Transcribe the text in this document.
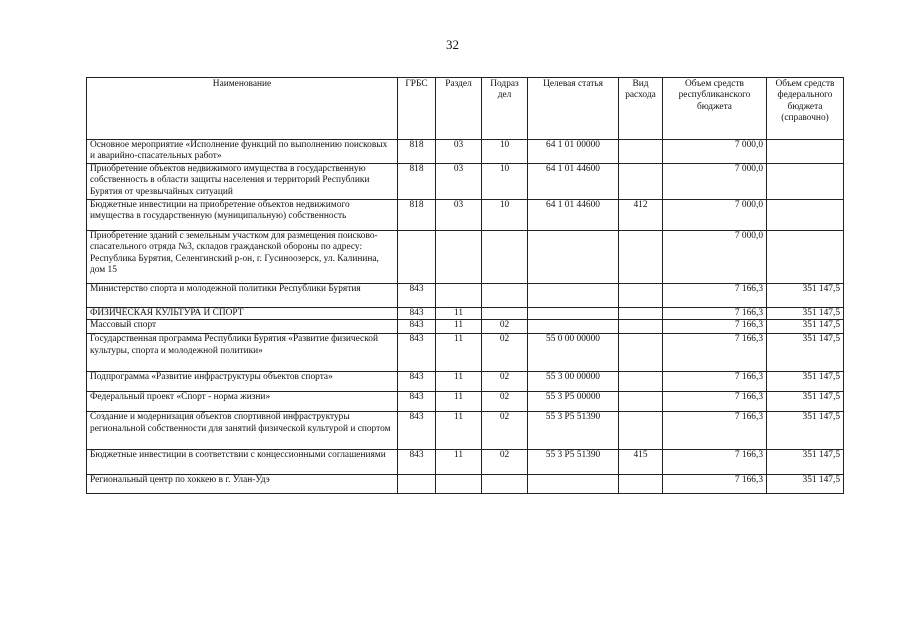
32
Наименование	ГРБС	Раздел	Подраз дел	Целевая статья	Вид расхода	Объем средств республиканского бюджета	Объем средств федерального бюджета (справочно)
Основное мероприятие «Исполнение функций по выполнению поисковых и аварийно-спасательных работ»	818	03	10	64 1 01 00000		7 000,0	
Приобретение объектов недвижимого имущества в государственную собственность в области защиты населения и территорий Республики Бурятия от чрезвычайных ситуаций	818	03	10	64 1 01 44600		7 000,0	
Бюджетные инвестиции на приобретение объектов недвижимого имущества в государственную (муниципальную) собственность	818	03	10	64 1 01 44600	412	7 000,0	
Приобретение зданий с земельным участком для размещения поисково-спасательного отряда №3, складов гражданской обороны по адресу: Республика Бурятия, Селенгинский р-он, г. Гусиноозерск, ул. Калинина, дом 15						7 000,0	
Министерство спорта и молодежной политики Республики Бурятия	843					7 166,3	351 147,5
ФИЗИЧЕСКАЯ КУЛЬТУРА И СПОРТ	843	11				7 166,3	351 147,5
Массовый спорт	843	11	02			7 166,3	351 147,5
Государственная программа Республики Бурятия «Развитие физической культуры, спорта и молодежной политики»	843	11	02	55 0 00 00000		7 166,3	351 147,5
Подпрограмма «Развитие инфраструктуры объектов спорта»	843	11	02	55 3 00 00000		7 166,3	351 147,5
Федеральный проект «Спорт - норма жизни»	843	11	02	55 3 P5 00000		7 166,3	351 147,5
Создание и модернизация объектов спортивной инфраструктуры региональной собственности для занятий физической культурой и спортом	843	11	02	55 3 P5 51390		7 166,3	351 147,5
Бюджетные инвестиции в соответствии с концессионными соглашениями	843	11	02	55 3 P5 51390	415	7 166,3	351 147,5
Региональный центр по хоккею в г. Улан-Удэ						7 166,3	351 147,5
